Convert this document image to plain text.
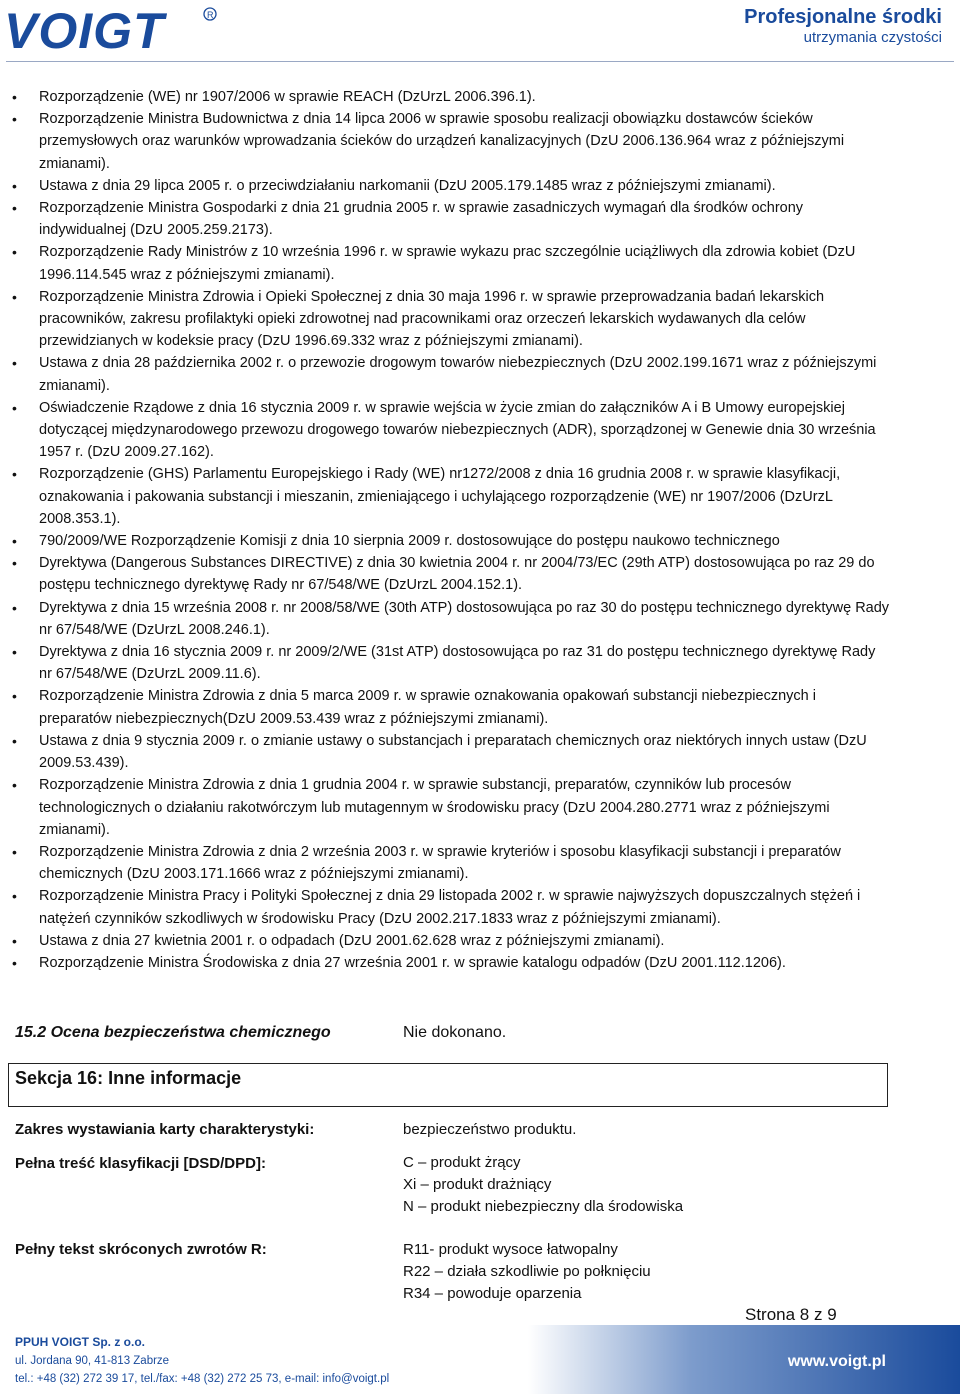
VOIGT	R	Profesjonalne środki
utrzymania czystości
• Rozporządzenie (WE) nr 1907/2006 w sprawie REACH (DzUrzL 2006.396.1).
• Rozporządzenie Ministra Budownictwa z dnia 14 lipca 2006 w sprawie sposobu realizacji obowiązku dostawców ścieków przemysłowych oraz warunków wprowadzania ścieków do urządzeń kanalizacyjnych (DzU 2006.136.964 wraz z późniejszymi zmianami).
• Ustawa z dnia 29 lipca 2005 r. o przeciwdziałaniu narkomanii (DzU 2005.179.1485 wraz z późniejszymi zmianami).
• Rozporządzenie Ministra Gospodarki z dnia 21 grudnia 2005 r. w sprawie zasadniczych wymagań dla środków ochrony indywidualnej (DzU 2005.259.2173).
• Rozporządzenie Rady Ministrów z 10 września 1996 r. w sprawie wykazu prac szczególnie uciążliwych dla zdrowia kobiet (DzU 1996.114.545 wraz z późniejszymi zmianami).
• Rozporządzenie Ministra Zdrowia i Opieki Społecznej z dnia 30 maja 1996 r. w sprawie przeprowadzania badań lekarskich pracowników, zakresu profilaktyki opieki zdrowotnej nad pracownikami oraz orzeczeń lekarskich wydawanych dla celów przewidzianych w kodeksie pracy (DzU 1996.69.332 wraz z późniejszymi zmianami).
• Ustawa z dnia 28 października 2002 r. o przewozie drogowym towarów niebezpiecznych (DzU 2002.199.1671 wraz z późniejszymi zmianami).
• Oświadczenie Rządowe z dnia 16 stycznia 2009 r. w sprawie wejścia w życie zmian do załączników A i B Umowy europejskiej dotyczącej międzynarodowego przewozu drogowego towarów niebezpiecznych (ADR), sporządzonej w Genewie dnia 30 września 1957 r. (DzU 2009.27.162).
• Rozporządzenie (GHS) Parlamentu Europejskiego i Rady (WE) nr1272/2008 z dnia 16 grudnia 2008 r. w sprawie klasyfikacji, oznakowania i pakowania substancji i mieszanin, zmieniającego i uchylającego rozporządzenie (WE) nr 1907/2006 (DzUrzL 2008.353.1).
• 790/2009/WE Rozporządzenie Komisji z dnia 10 sierpnia 2009 r. dostosowujące do postępu naukowo technicznego
• Dyrektywa (Dangerous Substances DIRECTIVE) z dnia 30 kwietnia 2004 r. nr 2004/73/EC (29th ATP) dostosowująca po raz 29 do postępu technicznego dyrektywę Rady nr 67/548/WE (DzUrzL 2004.152.1).
• Dyrektywa z dnia 15 września 2008 r. nr 2008/58/WE (30th ATP) dostosowująca po raz 30 do postępu technicznego dyrektywę Rady nr 67/548/WE (DzUrzL 2008.246.1).
• Dyrektywa z dnia 16 stycznia 2009 r. nr 2009/2/WE (31st ATP) dostosowująca po raz 31 do postępu technicznego dyrektywę Rady nr 67/548/WE (DzUrzL 2009.11.6).
• Rozporządzenie Ministra Zdrowia z dnia 5 marca 2009 r. w sprawie oznakowania opakowań substancji niebezpiecznych i preparatów niebezpiecznych(DzU 2009.53.439 wraz z późniejszymi zmianami).
• Ustawa z dnia 9 stycznia 2009 r. o zmianie ustawy o substancjach i preparatach chemicznych oraz niektórych innych ustaw (DzU 2009.53.439).
• Rozporządzenie Ministra Zdrowia z dnia 1 grudnia 2004 r. w sprawie substancji, preparatów, czynników lub procesów technologicznych o działaniu rakotwórczym lub mutagennym w środowisku pracy (DzU 2004.280.2771 wraz z późniejszymi zmianami).
• Rozporządzenie Ministra Zdrowia z dnia 2 września 2003 r. w sprawie kryteriów i sposobu klasyfikacji substancji i preparatów chemicznych (DzU 2003.171.1666 wraz z późniejszymi zmianami).
• Rozporządzenie Ministra Pracy i Polityki Społecznej z dnia 29 listopada 2002 r. w sprawie najwyższych dopuszczalnych stężeń i natężeń czynników szkodliwych w środowisku Pracy (DzU 2002.217.1833 wraz z późniejszymi zmianami).
• Ustawa z dnia 27 kwietnia 2001 r. o odpadach (DzU 2001.62.628 wraz z późniejszymi zmianami).
• Rozporządzenie Ministra Środowiska z dnia 27 września 2001 r. w sprawie katalogu odpadów (DzU 2001.112.1206).
15.2 Ocena bezpieczeństwa chemicznego	Nie dokonano.
Sekcja 16: Inne informacje
Zakres wystawiania karty charakterystyki:	bezpieczeństwo produktu.
Pełna treść klasyfikacji [DSD/DPD]:	C – produkt żrący
Xi – produkt drażniący
N – produkt niebezpieczny dla środowiska
Pełny tekst skróconych zwrotów R:	R11- produkt wysoce łatwopalny
R22 – działa szkodliwie po połknięciu
R34 – powoduje oparzenia
Strona 8 z 9
PPUH VOIGT Sp. z o.o.
ul. Jordana 90, 41-813 Zabrze
tel.: +48 (32) 272 39 17, tel./fax: +48 (32) 272 25 73, e-mail: info@voigt.pl
www.voigt.pl
